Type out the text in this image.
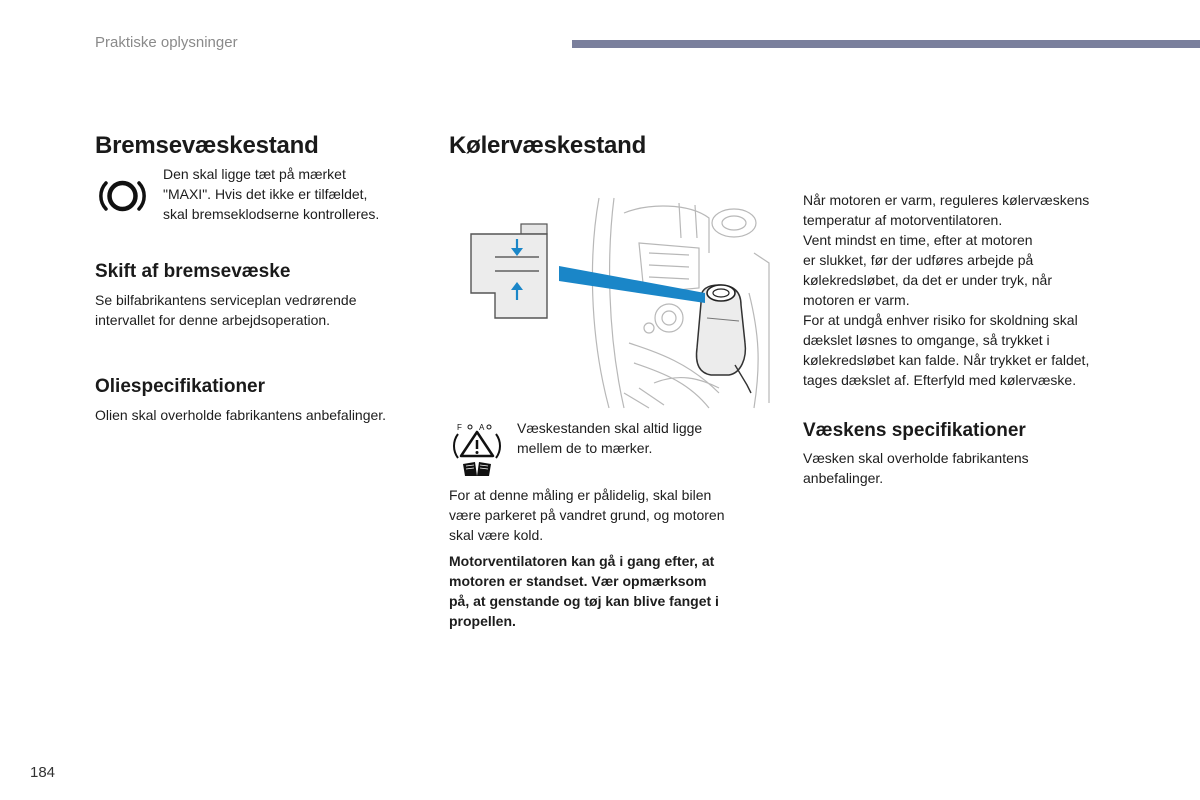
Praktiske oplysninger
Bremsevæskestand
Den skal ligge tæt på mærket
"MAXI". Hvis det ikke er tilfældet,
skal bremseklodserne kontrolleres.
Skift af bremsevæske
Se bilfabrikantens serviceplan vedrørende
intervallet for denne arbejdsoperation.
Oliespecifikationer
Olien skal overholde fabrikantens anbefalinger.
Kølervæskestand
F A Væskestanden skal altid ligge
mellem de to mærker.
For at denne måling er pålidelig, skal bilen
være parkeret på vandret grund, og motoren
skal være kold.
Motorventilatoren kan gå i gang efter, at
motoren er standset. Vær opmærksom
på, at genstande og tøj kan blive fanget i
propellen.
Når motoren er varm, reguleres kølervæskens
temperatur af motorventilatoren.
Vent mindst en time, efter at motoren
er slukket, før der udføres arbejde på
kølekredsløbet, da det er under tryk, når
motoren er varm.
For at undgå enhver risiko for skoldning skal
dækslet løsnes to omgange, så trykket i
kølekredsløbet kan falde. Når trykket er faldet,
tages dækslet af. Efterfyld med kølervæske.
Væskens specifikationer
Væsken skal overholde fabrikantens
anbefalinger.
184
